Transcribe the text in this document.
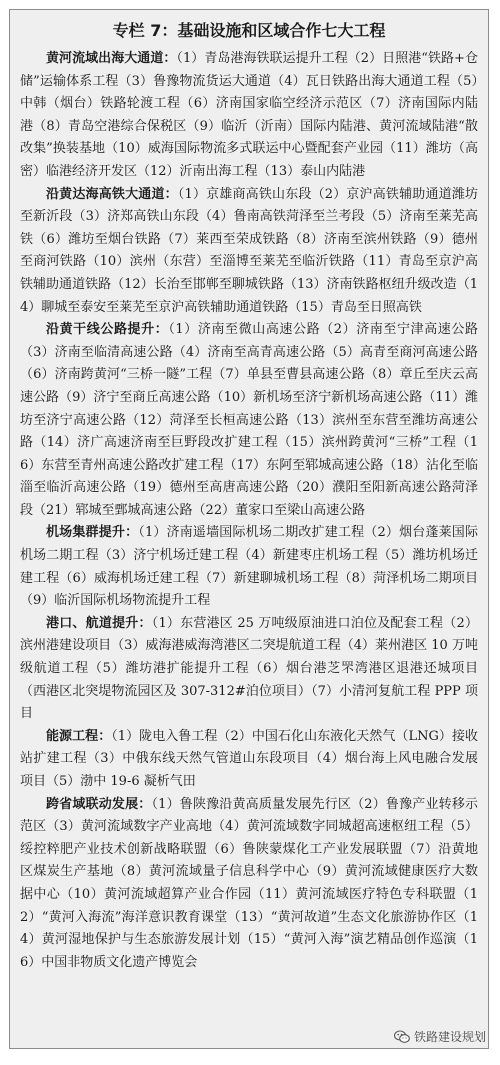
专栏 7：基础设施和区域合作七大工程

黄河流域出海大通道：（1）青岛港海铁联运提升工程（2）日照港“铁路+仓储”运输体系工程（3）鲁豫物流货运大通道（4）瓦日铁路出海大通道工程（5）中韩（烟台）铁路轮渡工程（6）济南国家临空经济示范区（7）济南国际内陆港（8）青岛空港综合保税区（9）临沂（沂南）国际内陆港、黄河流域陆港“散改集”换装基地（10）威海国际物流多式联运中心暨配套产业园（11）潍坊（高密）临港经济开发区（12）沂南出海工程（13）泰山内陆港

沿黄达海高铁大通道：（1）京雄商高铁山东段（2）京沪高铁辅助通道潍坊至新沂段（3）济郑高铁山东段（4）鲁南高铁菏泽至兰考段（5）济南至莱芜高铁（6）潍坊至烟台铁路（7）莱西至荣成铁路（8）济南至滨州铁路（9）德州至商河铁路（10）滨州（东营）至淄博至莱芜至临沂铁路（11）青岛至京沪高铁辅助通道铁路（12）长治至邯郸至聊城铁路（13）济南铁路枢纽升级改造（14）聊城至泰安至莱芜至京沪高铁辅助通道铁路（15）青岛至日照高铁

沿黄干线公路提升：（1）济南至微山高速公路（2）济南至宁津高速公路（3）济南至临清高速公路（4）济南至高青高速公路（5）高青至商河高速公路（6）济南跨黄河“三桥一隧”工程（7）单县至曹县高速公路（8）章丘至庆云高速公路（9）济宁至商丘高速公路（10）新机场至济宁新机场高速公路（11）潍坊至济宁高速公路（12）菏泽至长桓高速公路（13）滨州至东营至潍坊高速公路（14）济广高速济南至巨野段改扩建工程（15）滨州跨黄河“三桥”工程（16）东营至青州高速公路改扩建工程（17）东阿至郓城高速公路（18）沾化至临淄至临沂高速公路（19）德州至高唐高速公路（20）濮阳至阳新高速公路菏泽段（21）郓城至鄄城高速公路（22）董家口至梁山高速公路

机场集群提升：（1）济南遥墙国际机场二期改扩建工程（2）烟台蓬莱国际机场二期工程（3）济宁机场迁建工程（4）新建枣庄机场工程（5）潍坊机场迁建工程（6）威海机场迁建工程（7）新建聊城机场工程（8）菏泽机场二期项目（9）临沂国际机场物流提升工程

港口、航道提升：（1）东营港区 25 万吨级原油进口泊位及配套工程（2）滨州港建设项目（3）威海港威海湾港区二突堤航道工程（4）莱州港区 10 万吨级航道工程（5）潍坊港扩能提升工程（6）烟台港芝罘湾港区退港还城项目（西港区北突堤物流园区及 307-312#泊位项目）（7）小清河复航工程 PPP 项目

能源工程：（1）陇电入鲁工程（2）中国石化山东液化天然气（LNG）接收站扩建工程（3）中俄东线天然气管道山东段项目（4）烟台海上风电融合发展项目（5）渤中 19-6 凝析气田

跨省域联动发展：（1）鲁陕豫沿黄高质量发展先行区（2）鲁豫产业转移示范区（3）黄河流域数字产业高地（4）黄河流域数字同城超高速枢纽工程（5）绥控粹肥产业技术创新战略联盟（6）鲁陕蒙煤化工产业发展联盟（7）沿黄地区煤炭生产基地（8）黄河流域量子信息科学中心（9）黄河流域健康医疗大数据中心（10）黄河流域超算产业合作园（11）黄河流域医疗特色专科联盟（12）“黄河入海流”海洋意识教育课堂（13）“黄河故道”生态文化旅游协作区（14）黄河湿地保护与生态旅游发展计划（15）“黄河入海”演艺精品创作巡演（16）中国非物质文化遗产博览会

铁路建设规划
